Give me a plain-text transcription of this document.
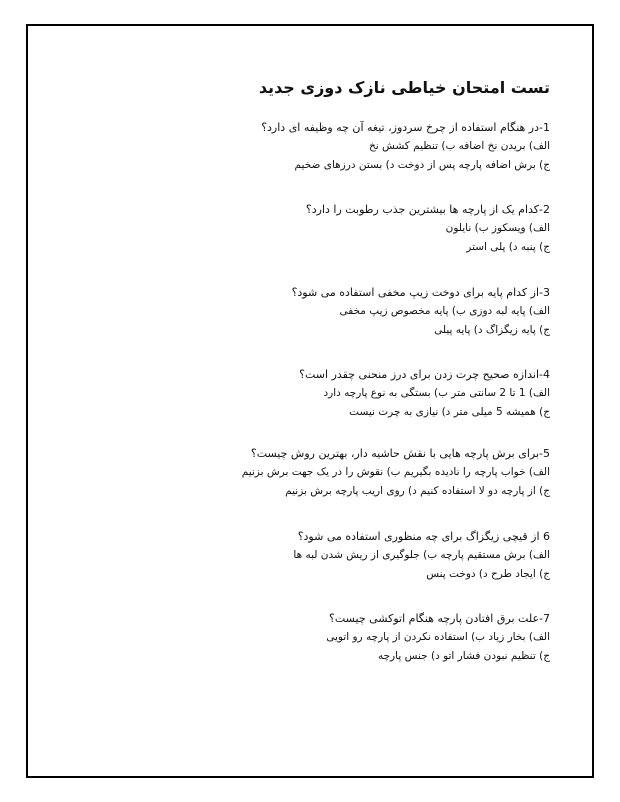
تست امتحان خیاطی نازک دوزی جدید

1-در هنگام استفاده از چرخ سردوز، تیغه آن چه وظیفه ای دارد؟

الف) بریدن نخ اضافه ب) تنظیم کشش نخ

ج) برش اضافه پارچه پس از دوخت د) بستن درزهای ضخیم

2-کدام یک از پارچه ها بیشترین جذب رطوبت را دارد؟

الف) ویسکوز ب) نایلون

ج) پنبه د) پلی استر

3-از کدام پایه برای دوخت زیپ مخفی استفاده می شود؟

الف) پایه لبه دوزی ب) پایه مخصوص زیپ مخفی

ج) پایه زیگزاگ د) پایه پیلی

4-اندازه صحیح چرت زدن برای درز منحنی چقدر است؟

الف) 1 تا 2 سانتی متر ب) بستگی به نوع پارچه دارد

ج) همیشه 5 میلی متر د) نیازی به چرت نیست

5-برای برش پارچه هایی با نقش حاشیه دار، بهترین روش چیست؟

الف) خواب پارچه را نادیده بگیریم ب) نقوش را در یک جهت برش بزنیم

ج) از پارچه دو لا استفاده کنیم د) روی اریب پارچه برش بزنیم

6 از قیچی زیگزاگ برای چه منظوری استفاده می شود؟

الف) برش مستقیم پارچه ب) جلوگیری از ریش شدن لبه ها

ج) ایجاد طرح د) دوخت پنس

7-علت برق افتادن پارچه هنگام اتوکشی چیست؟

الف) بخار زیاد ب) استفاده نکردن از پارچه رو اتویی

ج) تنظیم نبودن فشار اتو د) جنس پارچه
